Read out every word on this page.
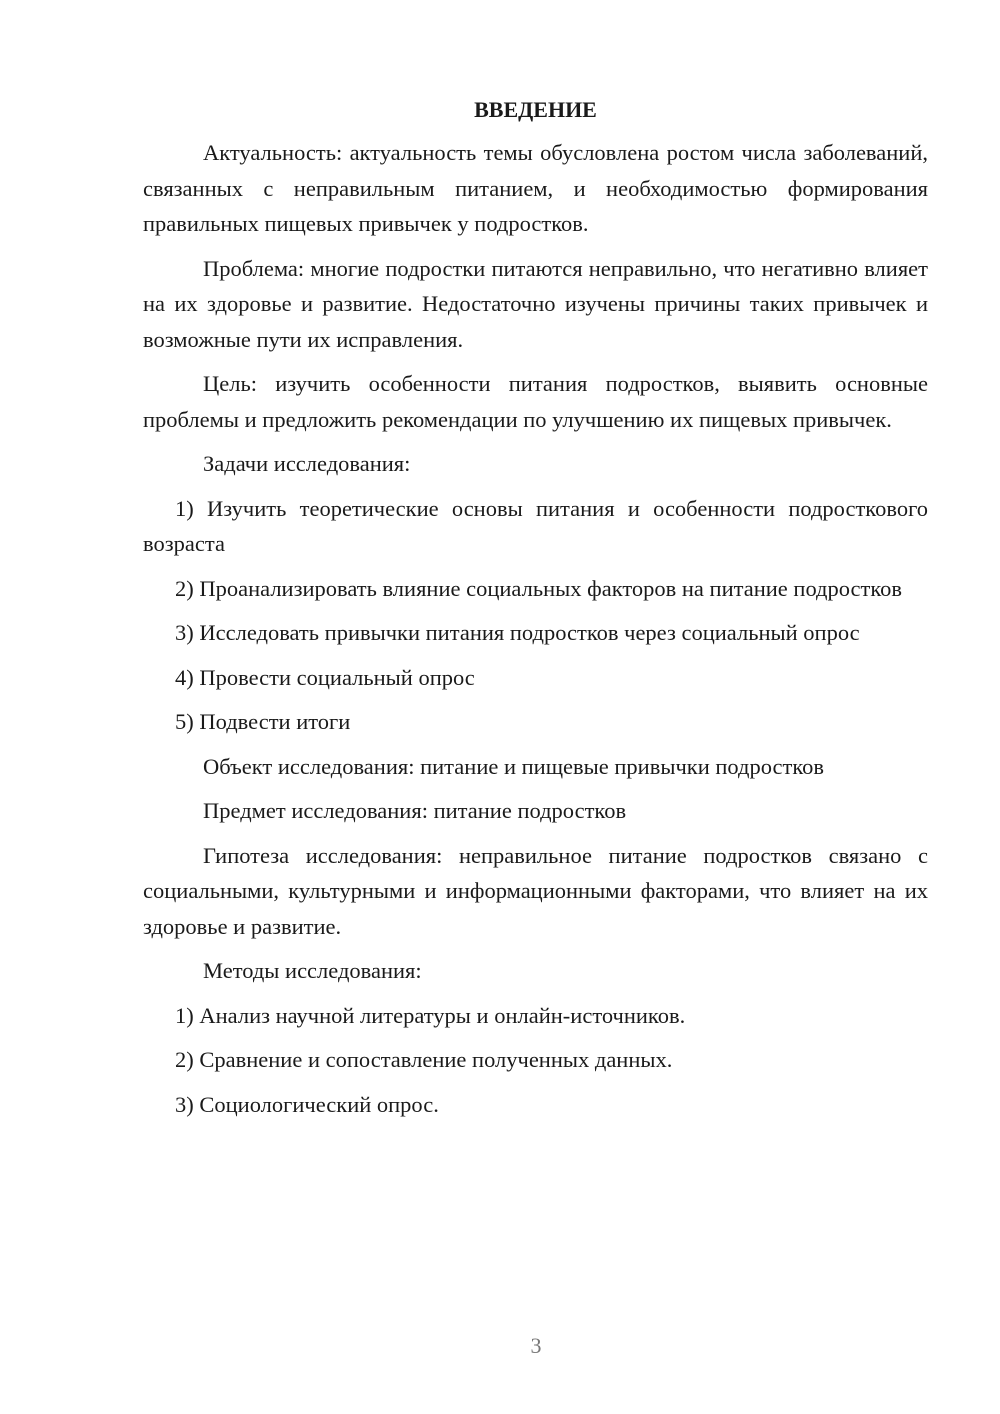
ВВЕДЕНИЕ

Актуальность: актуальность темы обусловлена ростом числа заболеваний, связанных с неправильным питанием, и необходимостью формирования правильных пищевых привычек у подростков.

Проблема: многие подростки питаются неправильно, что негативно влияет на их здоровье и развитие. Недостаточно изучены причины таких привычек и возможные пути их исправления.

Цель: изучить особенности питания подростков, выявить основные проблемы и предложить рекомендации по улучшению их пищевых привычек.

Задачи исследования:

1) Изучить теоретические основы питания и особенности подросткового возраста

2) Проанализировать влияние социальных факторов на питание подростков

3) Исследовать привычки питания подростков через социальный опрос

4) Провести социальный опрос

5) Подвести итоги

Объект исследования: питание и пищевые привычки подростков

Предмет исследования: питание подростков

Гипотеза исследования: неправильное питание подростков связано с социальными, культурными и информационными факторами, что влияет на их здоровье и развитие.

Методы исследования:

1) Анализ научной литературы и онлайн-источников.

2) Сравнение и сопоставление полученных данных.

3) Социологический опрос.

3
